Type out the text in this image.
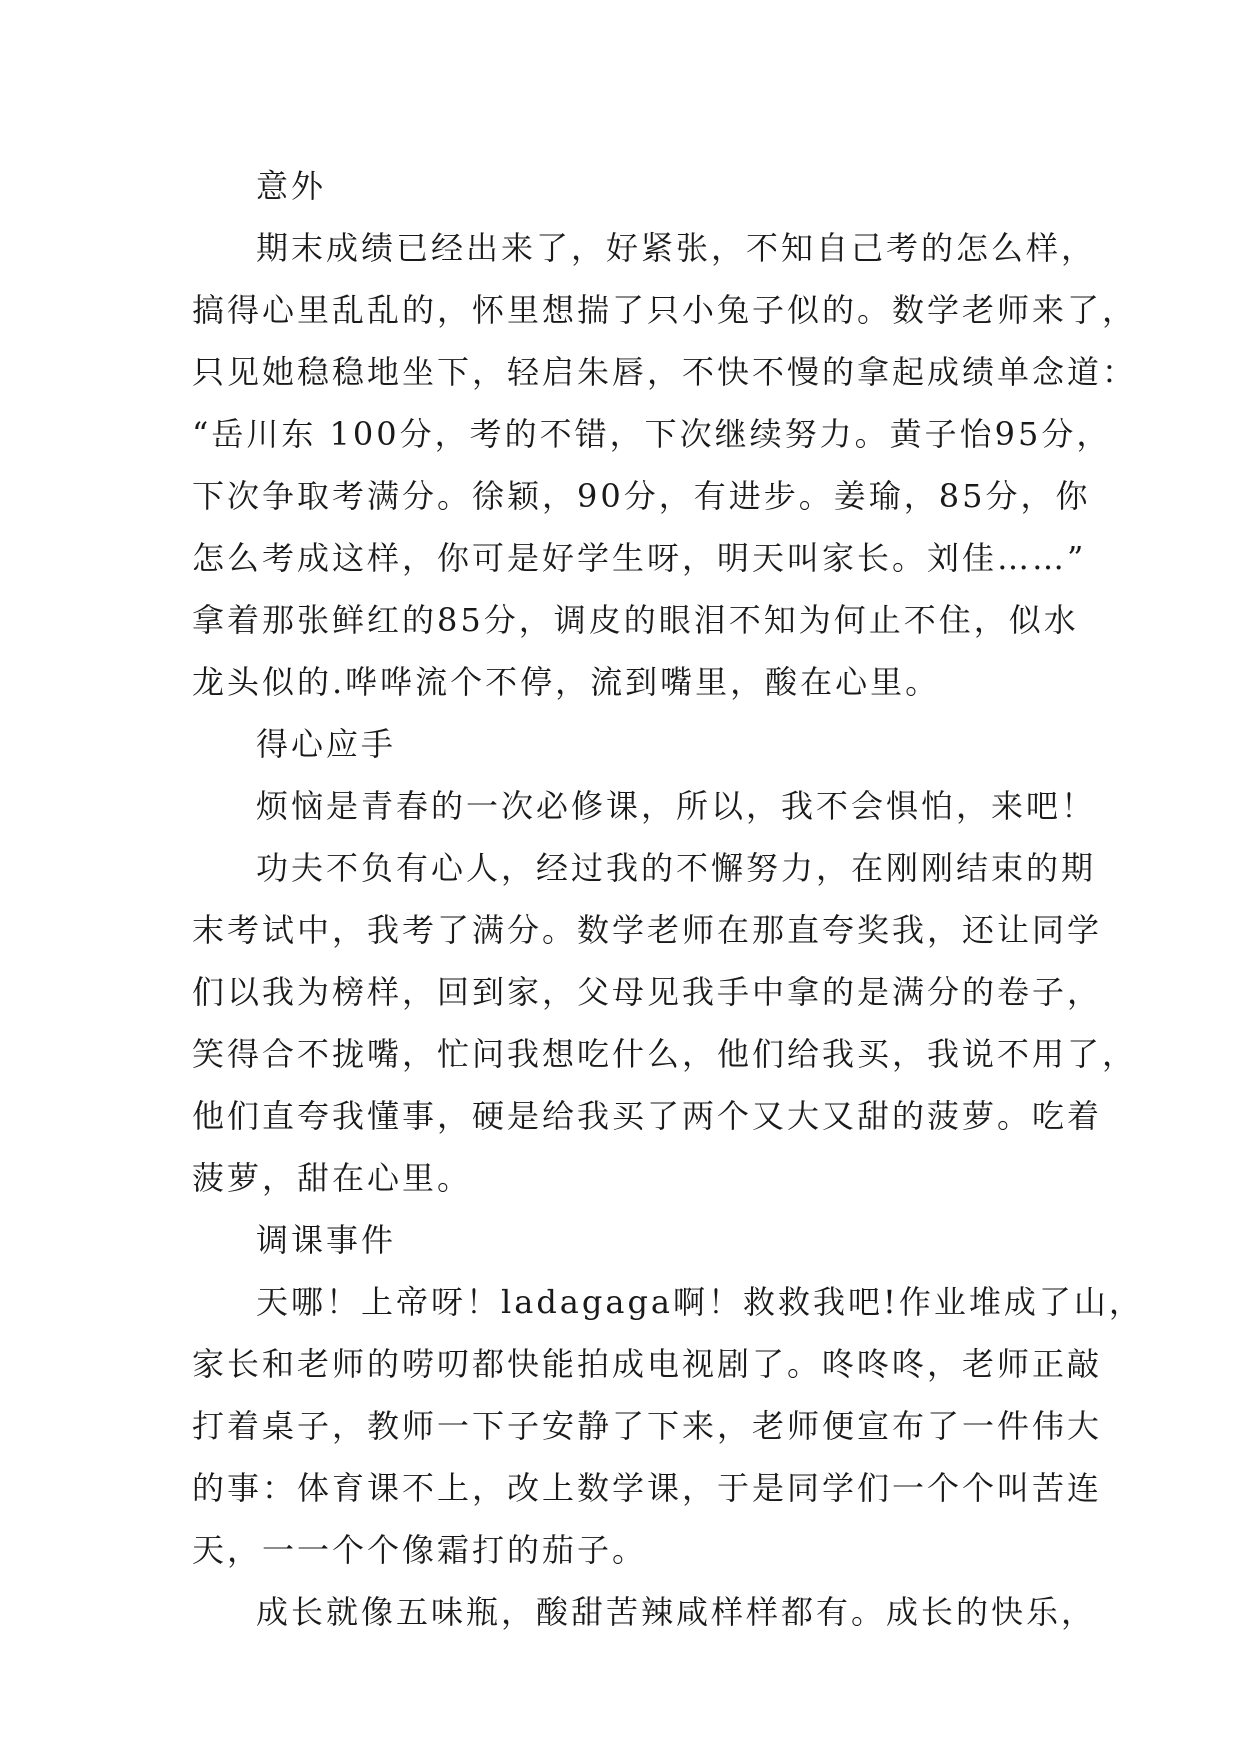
意外
期末成绩已经出来了，好紧张，不知自己考的怎么样，
搞得心里乱乱的，怀里想揣了只小兔子似的。数学老师来了，
只见她稳稳地坐下，轻启朱唇，不快不慢的拿起成绩单念道：
“岳川东 100分，考的不错，下次继续努力。黄子怡95分，
下次争取考满分。徐颖，90分，有进步。姜瑜，85分，你
怎么考成这样，你可是好学生呀，明天叫家长。刘佳……”
拿着那张鲜红的85分，调皮的眼泪不知为何止不住，似水
龙头似的.哗哗流个不停，流到嘴里，酸在心里。
得心应手
烦恼是青春的一次必修课，所以，我不会惧怕，来吧！
功夫不负有心人，经过我的不懈努力，在刚刚结束的期
末考试中，我考了满分。数学老师在那直夸奖我，还让同学
们以我为榜样，回到家，父母见我手中拿的是满分的卷子，
笑得合不拢嘴，忙问我想吃什么，他们给我买，我说不用了，
他们直夸我懂事，硬是给我买了两个又大又甜的菠萝。吃着
菠萝，甜在心里。
调课事件
天哪！上帝呀！ladagaga啊！救救我吧!作业堆成了山，
家长和老师的唠叨都快能拍成电视剧了。咚咚咚，老师正敲
打着桌子，教师一下子安静了下来，老师便宣布了一件伟大
的事：体育课不上，改上数学课，于是同学们一个个叫苦连
天，一一个个像霜打的茄子。
成长就像五味瓶，酸甜苦辣咸样样都有。成长的快乐，
